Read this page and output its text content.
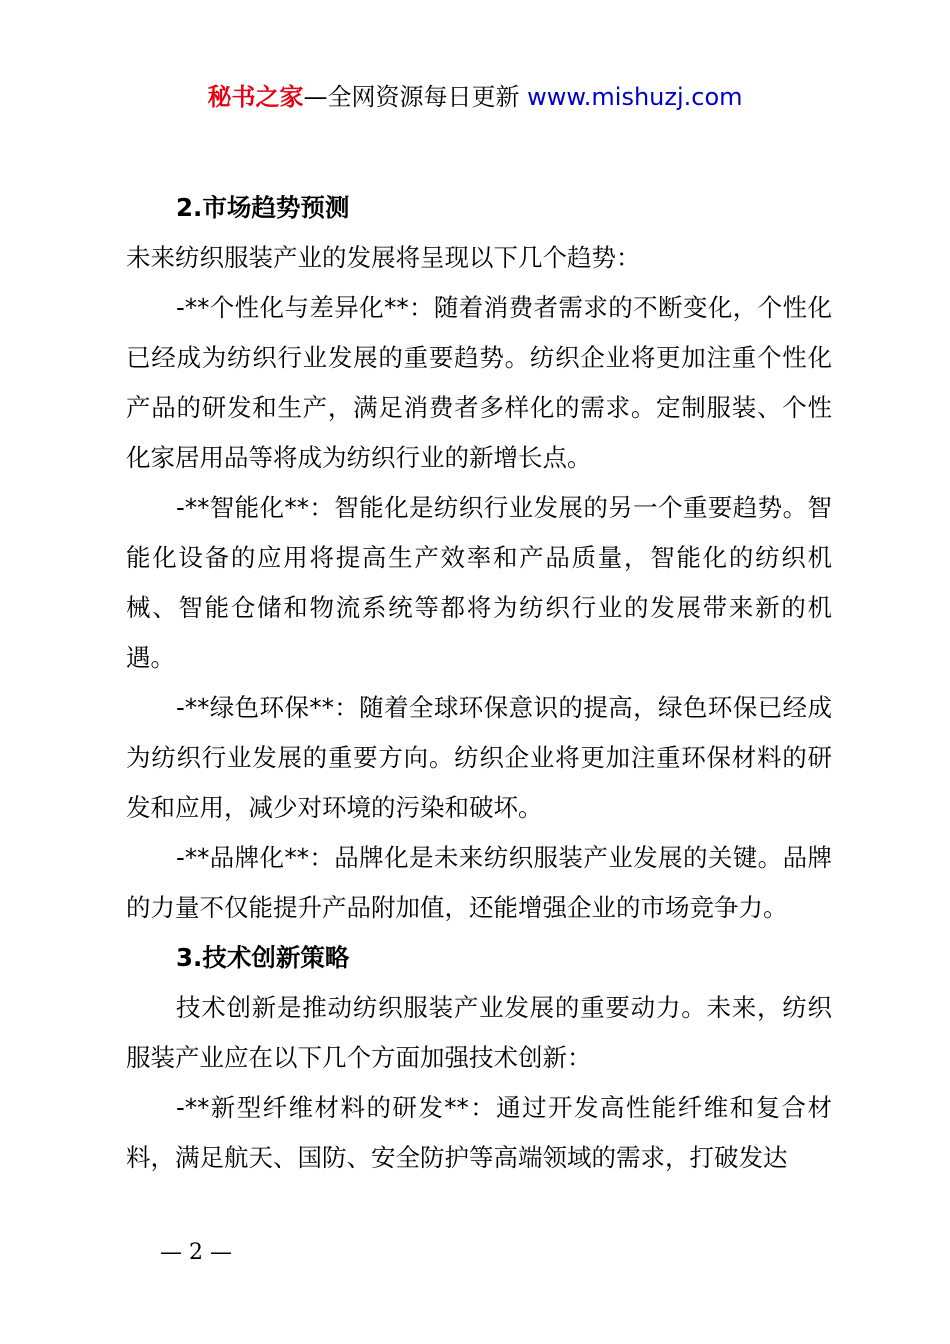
秘书之家—全网资源每日更新 www.mishuzj.com

2.市场趋势预测

未来纺织服装产业的发展将呈现以下几个趋势：

-**个性化与差异化**：随着消费者需求的不断变化，个性化已经成为纺织行业发展的重要趋势。纺织企业将更加注重个性化产品的研发和生产，满足消费者多样化的需求。定制服装、个性化家居用品等将成为纺织行业的新增长点。

-**智能化**：智能化是纺织行业发展的另一个重要趋势。智能化设备的应用将提高生产效率和产品质量，智能化的纺织机械、智能仓储和物流系统等都将为纺织行业的发展带来新的机遇。

-**绿色环保**：随着全球环保意识的提高，绿色环保已经成为纺织行业发展的重要方向。纺织企业将更加注重环保材料的研发和应用，减少对环境的污染和破坏。

-**品牌化**：品牌化是未来纺织服装产业发展的关键。品牌的力量不仅能提升产品附加值，还能增强企业的市场竞争力。

3.技术创新策略

技术创新是推动纺织服装产业发展的重要动力。未来，纺织服装产业应在以下几个方面加强技术创新：

-**新型纤维材料的研发**：通过开发高性能纤维和复合材料，满足航天、国防、安全防护等高端领域的需求，打破发达

— 2 —
